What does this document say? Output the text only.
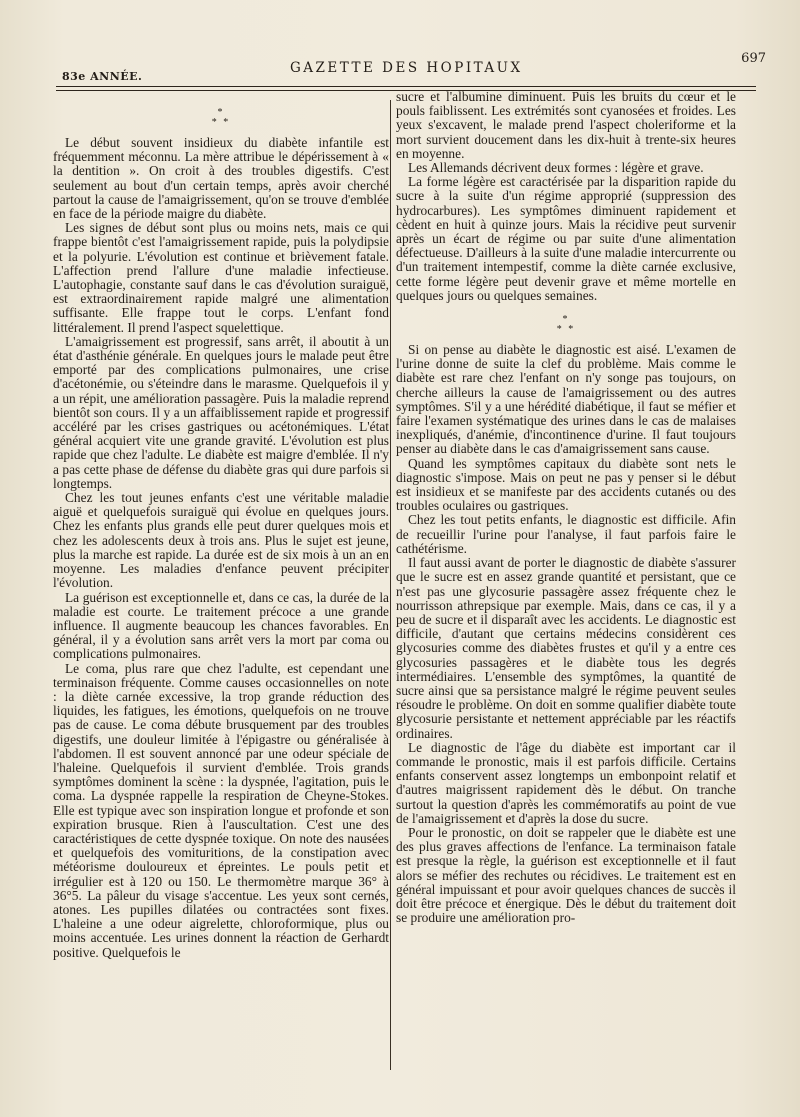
83e ANNÉE.
GAZETTE DES HOPITAUX
697
*
* *

Le début souvent insidieux du diabète infantile est fréquemment méconnu. La mère attribue le dépérissement à « la dentition ». On croit à des troubles digestifs. C'est seulement au bout d'un certain temps, après avoir cherché partout la cause de l'amaigrissement, qu'on se trouve d'emblée en face de la période maigre du diabète.

Les signes de début sont plus ou moins nets, mais ce qui frappe bientôt c'est l'amaigrissement rapide, puis la polydipsie et la polyurie. L'évolution est continue et brièvement fatale. L'affection prend l'allure d'une maladie infectieuse. L'autophagie, constante sauf dans le cas d'évolution suraiguë, est extraordinairement rapide malgré une alimentation suffisante. Elle frappe tout le corps. L'enfant fond littéralement. Il prend l'aspect squelettique.

L'amaigrissement est progressif, sans arrêt, il aboutit à un état d'asthénie générale. En quelques jours le malade peut être emporté par des complications pulmonaires, une crise d'acétonémie, ou s'éteindre dans le marasme. Quelquefois il y a un répit, une amélioration passagère. Puis la maladie reprend bientôt son cours. Il y a un affaiblissement rapide et progressif accéléré par les crises gastriques ou acétonémiques. L'état général acquiert vite une grande gravité. L'évolution est plus rapide que chez l'adulte. Le diabète est maigre d'emblée. Il n'y a pas cette phase de défense du diabète gras qui dure parfois si longtemps.

Chez les tout jeunes enfants c'est une véritable maladie aiguë et quelquefois suraiguë qui évolue en quelques jours. Chez les enfants plus grands elle peut durer quelques mois et chez les adolescents deux à trois ans. Plus le sujet est jeune, plus la marche est rapide. La durée est de six mois à un an en moyenne. Les maladies d'enfance peuvent précipiter l'évolution.

La guérison est exceptionnelle et, dans ce cas, la durée de la maladie est courte. Le traitement précoce a une grande influence. Il augmente beaucoup les chances favorables. En général, il y a évolution sans arrêt vers la mort par coma ou complications pulmonaires.

Le coma, plus rare que chez l'adulte, est cependant une terminaison fréquente. Comme causes occasionnelles on note : la diète carnée excessive, la trop grande réduction des liquides, les fatigues, les émotions, quelquefois on ne trouve pas de cause. Le coma débute brusquement par des troubles digestifs, une douleur limitée à l'épigastre ou généralisée à l'abdomen. Il est souvent annoncé par une odeur spéciale de l'haleine. Quelquefois il survient d'emblée. Trois grands symptômes dominent la scène : la dyspnée, l'agitation, puis le coma. La dyspnée rappelle la respiration de Cheyne-Stokes. Elle est typique avec son inspiration longue et profonde et son expiration brusque. Rien à l'auscultation. C'est une des caractéristiques de cette dyspnée toxique. On note des nausées et quelquefois des vomituritions, de la constipation avec météorisme douloureux et épreintes. Le pouls petit et irrégulier est à 120 ou 150. Le thermomètre marque 36° à 36°5. La pâleur du visage s'accentue. Les yeux sont cernés, atones. Les pupilles dilatées ou contractées sont fixes. L'haleine a une odeur aigrelette, chloroformique, plus ou moins accentuée. Les urines donnent la réaction de Gerhardt positive. Quelquefois le

sucre et l'albumine diminuent. Puis les bruits du cœur et le pouls faiblissent. Les extrémités sont cyanosées et froides. Les yeux s'excavent, le malade prend l'aspect choleriforme et la mort survient doucement dans les dix-huit à trente-six heures en moyenne.

Les Allemands décrivent deux formes : légère et grave.

La forme légère est caractérisée par la disparition rapide du sucre à la suite d'un régime approprié (suppression des hydrocarbures). Les symptômes diminuent rapidement et cèdent en huit à quinze jours. Mais la récidive peut survenir après un écart de régime ou par suite d'une alimentation défectueuse. D'ailleurs à la suite d'une maladie intercurrente ou d'un traitement intempestif, comme la diète carnée exclusive, cette forme légère peut devenir grave et même mortelle en quelques jours ou quelques semaines.

*
* *

Si on pense au diabète le diagnostic est aisé. L'examen de l'urine donne de suite la clef du problème. Mais comme le diabète est rare chez l'enfant on n'y songe pas toujours, on cherche ailleurs la cause de l'amaigrissement ou des autres symptômes. S'il y a une hérédité diabétique, il faut se méfier et faire l'examen systématique des urines dans le cas de malaises inexpliqués, d'anémie, d'incontinence d'urine. Il faut toujours penser au diabète dans le cas d'amaigrissement sans cause.

Quand les symptômes capitaux du diabète sont nets le diagnostic s'impose. Mais on peut ne pas y penser si le début est insidieux et se manifeste par des accidents cutanés ou des troubles oculaires ou gastriques.

Chez les tout petits enfants, le diagnostic est difficile. Afin de recueillir l'urine pour l'analyse, il faut parfois faire le cathétérisme.

Il faut aussi avant de porter le diagnostic de diabète s'assurer que le sucre est en assez grande quantité et persistant, que ce n'est pas une glycosurie passagère assez fréquente chez le nourrisson athrepsique par exemple. Mais, dans ce cas, il y a peu de sucre et il disparaît avec les accidents. Le diagnostic est difficile, d'autant que certains médecins considèrent ces glycosuries comme des diabètes frustes et qu'il y a entre ces glycosuries passagères et le diabète tous les degrés intermédiaires. L'ensemble des symptômes, la quantité de sucre ainsi que sa persistance malgré le régime peuvent seules résoudre le problème. On doit en somme qualifier diabète toute glycosurie persistante et nettement appréciable par les réactifs ordinaires.

Le diagnostic de l'âge du diabète est important car il commande le pronostic, mais il est parfois difficile. Certains enfants conservent assez longtemps un embonpoint relatif et d'autres maigrissent rapidement dès le début. On tranche surtout la question d'après les commémoratifs au point de vue de l'amaigrissement et d'après la dose du sucre.

Pour le pronostic, on doit se rappeler que le diabète est une des plus graves affections de l'enfance. La terminaison fatale est presque la règle, la guérison est exceptionnelle et il faut alors se méfier des rechutes ou récidives. Le traitement est en général impuissant et pour avoir quelques chances de succès il doit être précoce et énergique. Dès le début du traitement doit se produire une amélioration pro-
